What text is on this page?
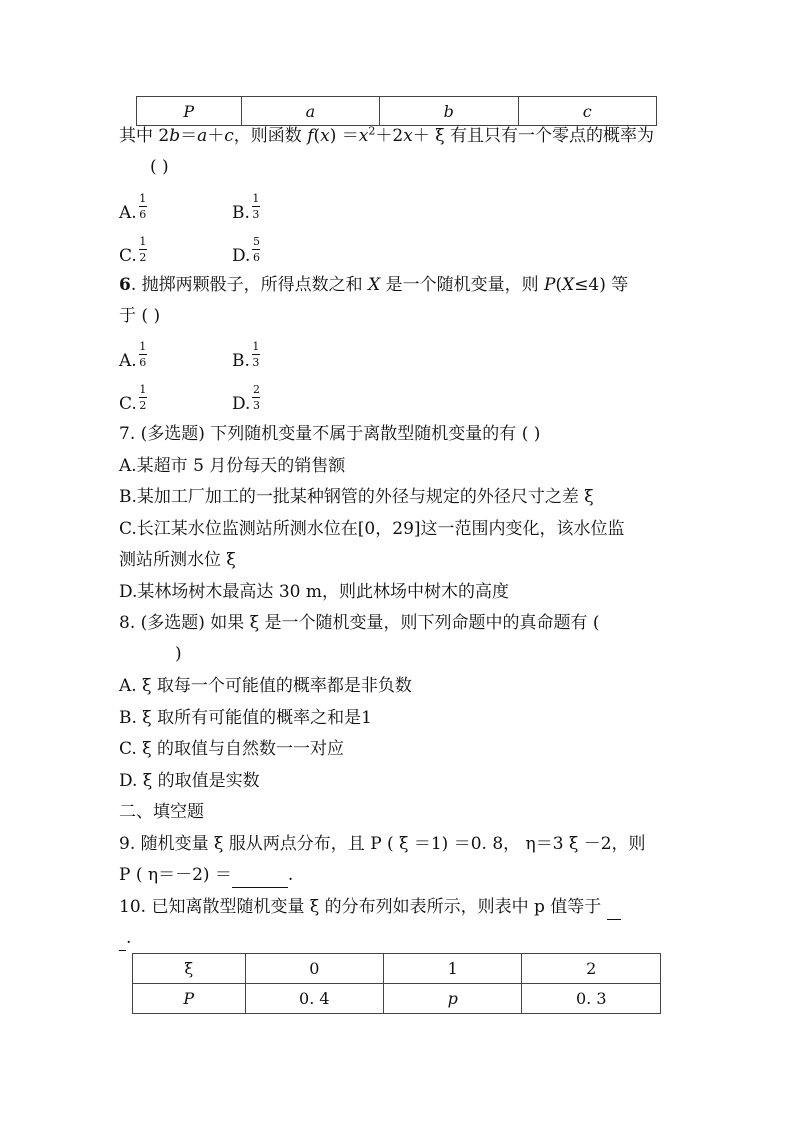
P	a	b	c
其中 2b＝a＋c，则函数 $f(x) =x^2+2x+ \xi$ 有且只有一个零点的概率为
( )
A. $\frac{1}{6}$	B. $\frac{1}{3}$
C. $\frac{1}{2}$	D. $\frac{5}{6}$
6. 抛掷两颗骰子，所得点数之和 X 是一个随机变量，则 P(X≤4) 等
于 ( )
A. $\frac{1}{6}$	B. $\frac{1}{3}$
C. $\frac{1}{2}$	D. $\frac{2}{3}$
7. (多选题) 下列随机变量不属于离散型随机变量的有 ( )
A.某超市 5 月份每天的销售额
B.某加工厂加工的一批某种钢管的外径与规定的外径尺寸之差 ξ
C.长江某水位监测站所测水位在[0，29]这一范围内变化，该水位监
测站所测水位 ξ
D.某林场树木最高达 30 m，则此林场中树木的高度
8. (多选题) 如果 ξ 是一个随机变量，则下列命题中的真命题有 (
)
A. ξ 取每一个可能值的概率都是非负数
B. ξ 取所有可能值的概率之和是1
C. ξ 的取值与自然数一一对应
D. ξ 的取值是实数
二、填空题
9. 随机变量 ξ 服从两点分布，且 P ( ξ ＝1) ＝0. 8， η＝3 ξ －2，则
P ( η＝－2) ＝	.
10. 已知离散型随机变量 ξ 的分布列如表所示，则表中 p 值等于
.
ξ	0	1	2
P	0. 4	p	0. 3
